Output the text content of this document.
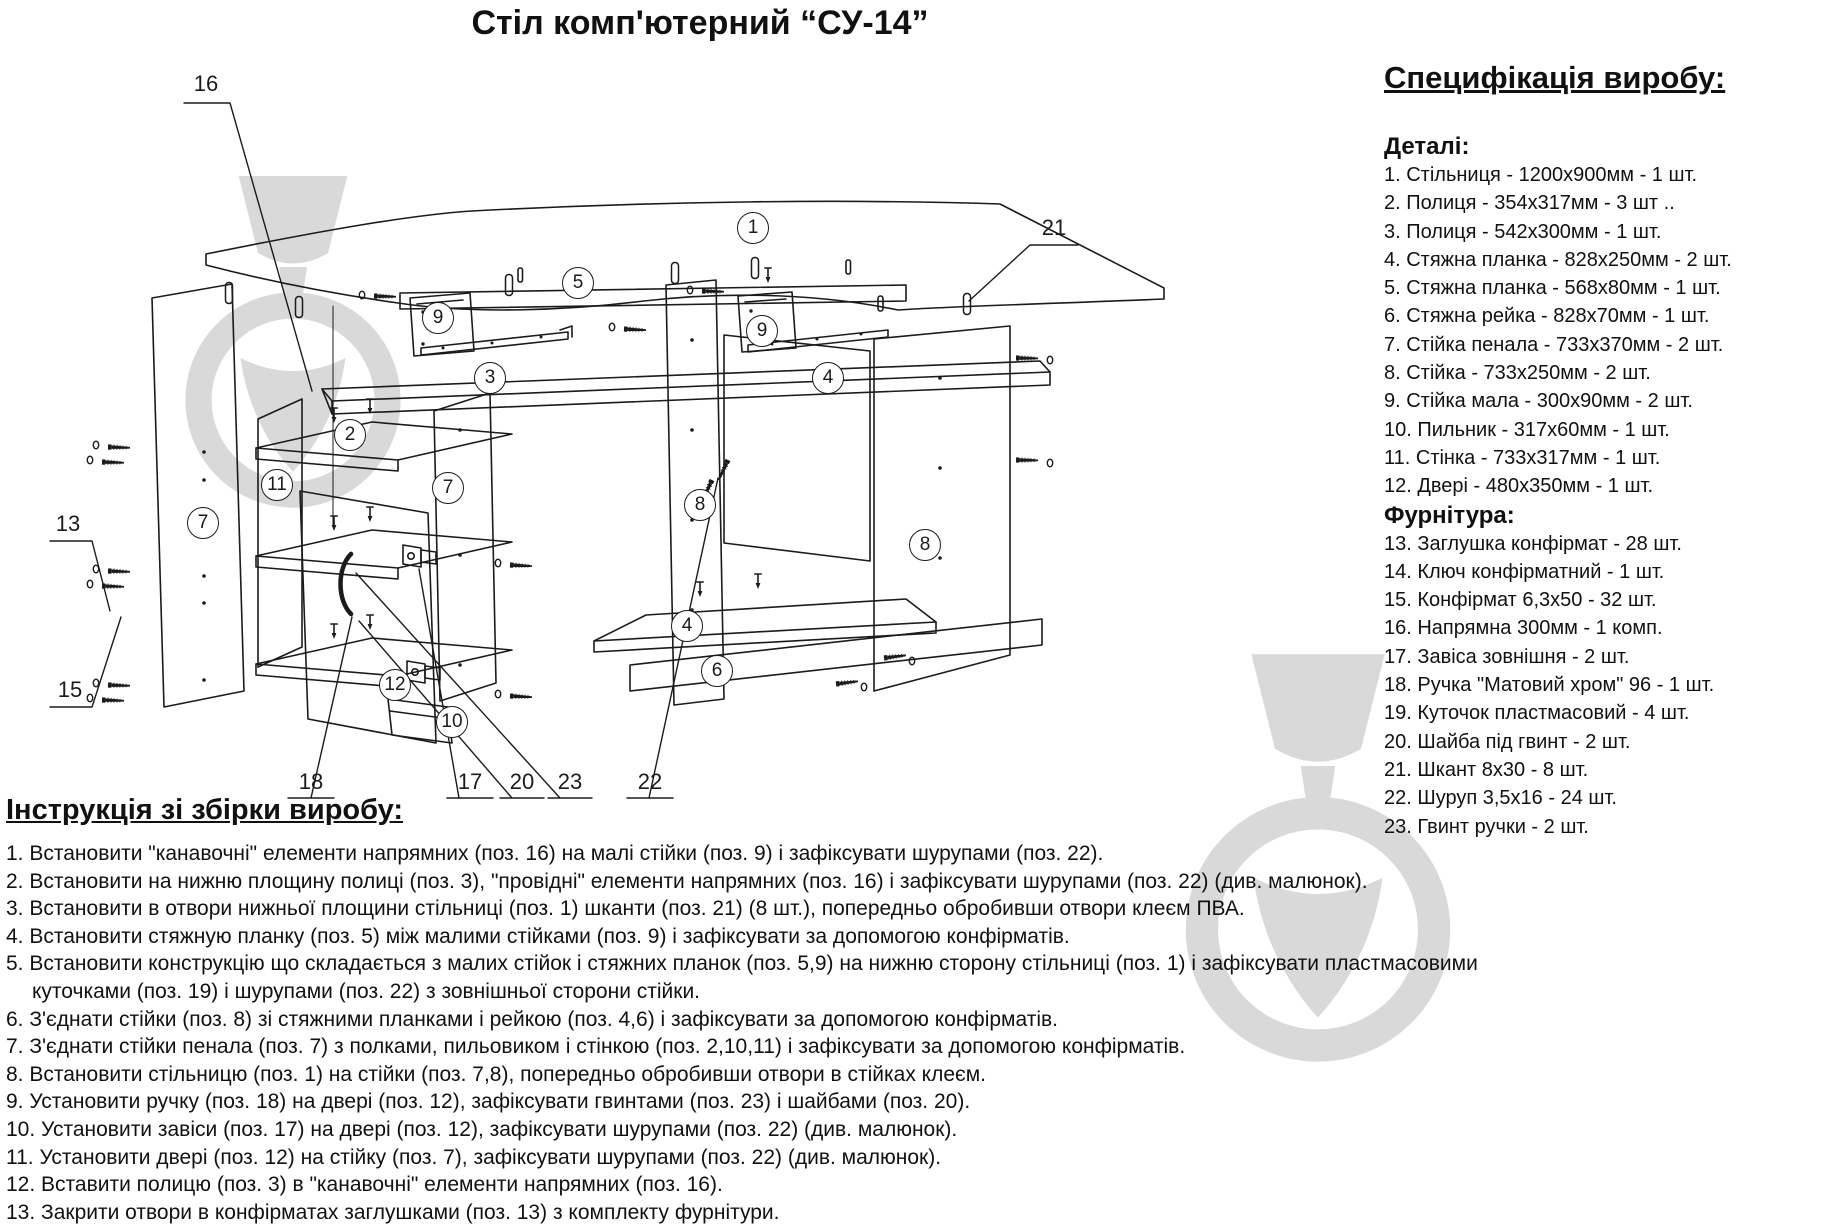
Стіл комп'ютерний “СУ-14”
Специфікація виробу:
Деталі:
1. Стільниця - 1200х900мм - 1 шт.
2. Полиця - 354х317мм - 3 шт ..
3. Полиця - 542х300мм - 1 шт.
4. Стяжна планка - 828х250мм - 2 шт.
5. Стяжна планка - 568х80мм - 1 шт.
6. Стяжна рейка - 828х70мм - 1 шт.
7. Стійка пенала - 733х370мм - 2 шт.
8. Стійка - 733х250мм - 2 шт.
9. Стійка мала - 300х90мм - 2 шт.
10. Пильник - 317х60мм - 1 шт.
11. Стінка - 733х317мм - 1 шт.
12. Двері - 480х350мм - 1 шт.
Фурнітура:
13. Заглушка конфірмат - 28 шт.
14. Ключ конфірматний - 1 шт.
15. Конфірмат 6,3х50 - 32 шт.
16. Напрямна 300мм - 1 комп.
17. Завіса зовнішня - 2 шт.
18. Ручка "Матовий хром" 96 - 1 шт.
19. Куточок пластмасовий - 4 шт.
20. Шайба під гвинт - 2 шт.
21. Шкант 8х30 - 8 шт.
22. Шуруп 3,5х16 - 24 шт.
23. Гвинт ручки - 2 шт.
Інструкція зі збірки виробу:
1. Встановити "канавочні" елементи напрямних (поз. 16) на малі стійки (поз. 9) і зафіксувати шурупами (поз. 22).
2. Встановити на нижню площину полиці (поз. 3), "провідні" елементи напрямних (поз. 16) і зафіксувати шурупами (поз. 22) (див. малюнок).
3. Встановити в отвори нижньої площини стільниці (поз. 1) шканти (поз. 21) (8 шт.), попередньо обробивши отвори клеєм ПВА.
4. Встановити стяжную планку (поз. 5) між малими стійками (поз. 9) і зафіксувати за допомогою конфірматів.
5. Встановити конструкцію що складається з малих стійок і стяжних планок (поз. 5,9) на нижню сторону стільниці (поз. 1) і зафіксувати пластмасовими
куточками (поз. 19) і шурупами (поз. 22) з зовнішньої сторони стійки.
6. З'єднати стійки (поз. 8) зі стяжними планками і рейкою (поз. 4,6) і зафіксувати за допомогою конфірматів.
7. З'єднати стійки пенала (поз. 7) з полками, пильовиком і стінкою (поз. 2,10,11) і зафіксувати за допомогою конфірматів.
8. Встановити стільницю (поз. 1) на стійки (поз. 7,8), попередньо обробивши отвори в стійках клеєм.
9. Установити ручку (поз. 18) на двері (поз. 12), зафіксувати гвинтами (поз. 23) і шайбами (поз. 20).
10. Установити завіси (поз. 17) на двері (поз. 12), зафіксувати шурупами (поз. 22) (див. малюнок).
11. Установити двері (поз. 12) на стійку (поз. 7), зафіксувати шурупами (поз. 22) (див. малюнок).
12. Вставити полицю (поз. 3) в "канавочні" елементи напрямних (поз. 16).
13. Закрити отвори в конфірматах заглушками (поз. 13) з комплекту фурнітури.
1
5
9
9
3
2
4
4
11
7
7
8
8
12
10
6
16
21
13
15
18	17 20 23	22
